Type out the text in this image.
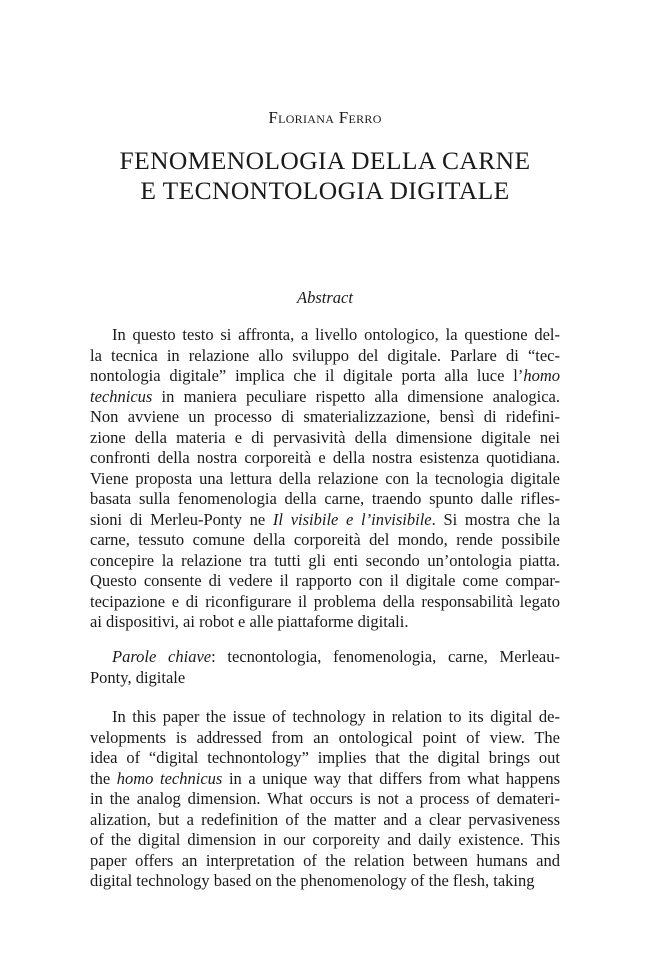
Floriana Ferro
FENOMENOLOGIA DELLA CARNE
E TECNONTOLOGIA DIGITALE
Abstract
In questo testo si affronta, a livello ontologico, la questione del-
la tecnica in relazione allo sviluppo del digitale. Parlare di “tec-
nontologia digitale” implica che il digitale porta alla luce l’homo
technicus in maniera peculiare rispetto alla dimensione analogica.
Non avviene un processo di smaterializzazione, bensì di ridefini-
zione della materia e di pervasività della dimensione digitale nei
confronti della nostra corporeità e della nostra esistenza quotidiana.
Viene proposta una lettura della relazione con la tecnologia digitale
basata sulla fenomenologia della carne, traendo spunto dalle rifles-
sioni di Merleu-Ponty ne Il visibile e l’invisibile. Si mostra che la
carne, tessuto comune della corporeità del mondo, rende possibile
concepire la relazione tra tutti gli enti secondo un’ontologia piatta.
Questo consente di vedere il rapporto con il digitale come compar-
tecipazione e di riconfigurare il problema della responsabilità legato
ai dispositivi, ai robot e alle piattaforme digitali.
Parole chiave: tecnontologia, fenomenologia, carne, Merleau-
Ponty, digitale
In this paper the issue of technology in relation to its digital de-
velopments is addressed from an ontological point of view. The
idea of “digital technontology” implies that the digital brings out
the homo technicus in a unique way that differs from what happens
in the analog dimension. What occurs is not a process of demateri-
alization, but a redefinition of the matter and a clear pervasiveness
of the digital dimension in our corporeity and daily existence. This
paper offers an interpretation of the relation between humans and
digital technology based on the phenomenology of the flesh, taking
